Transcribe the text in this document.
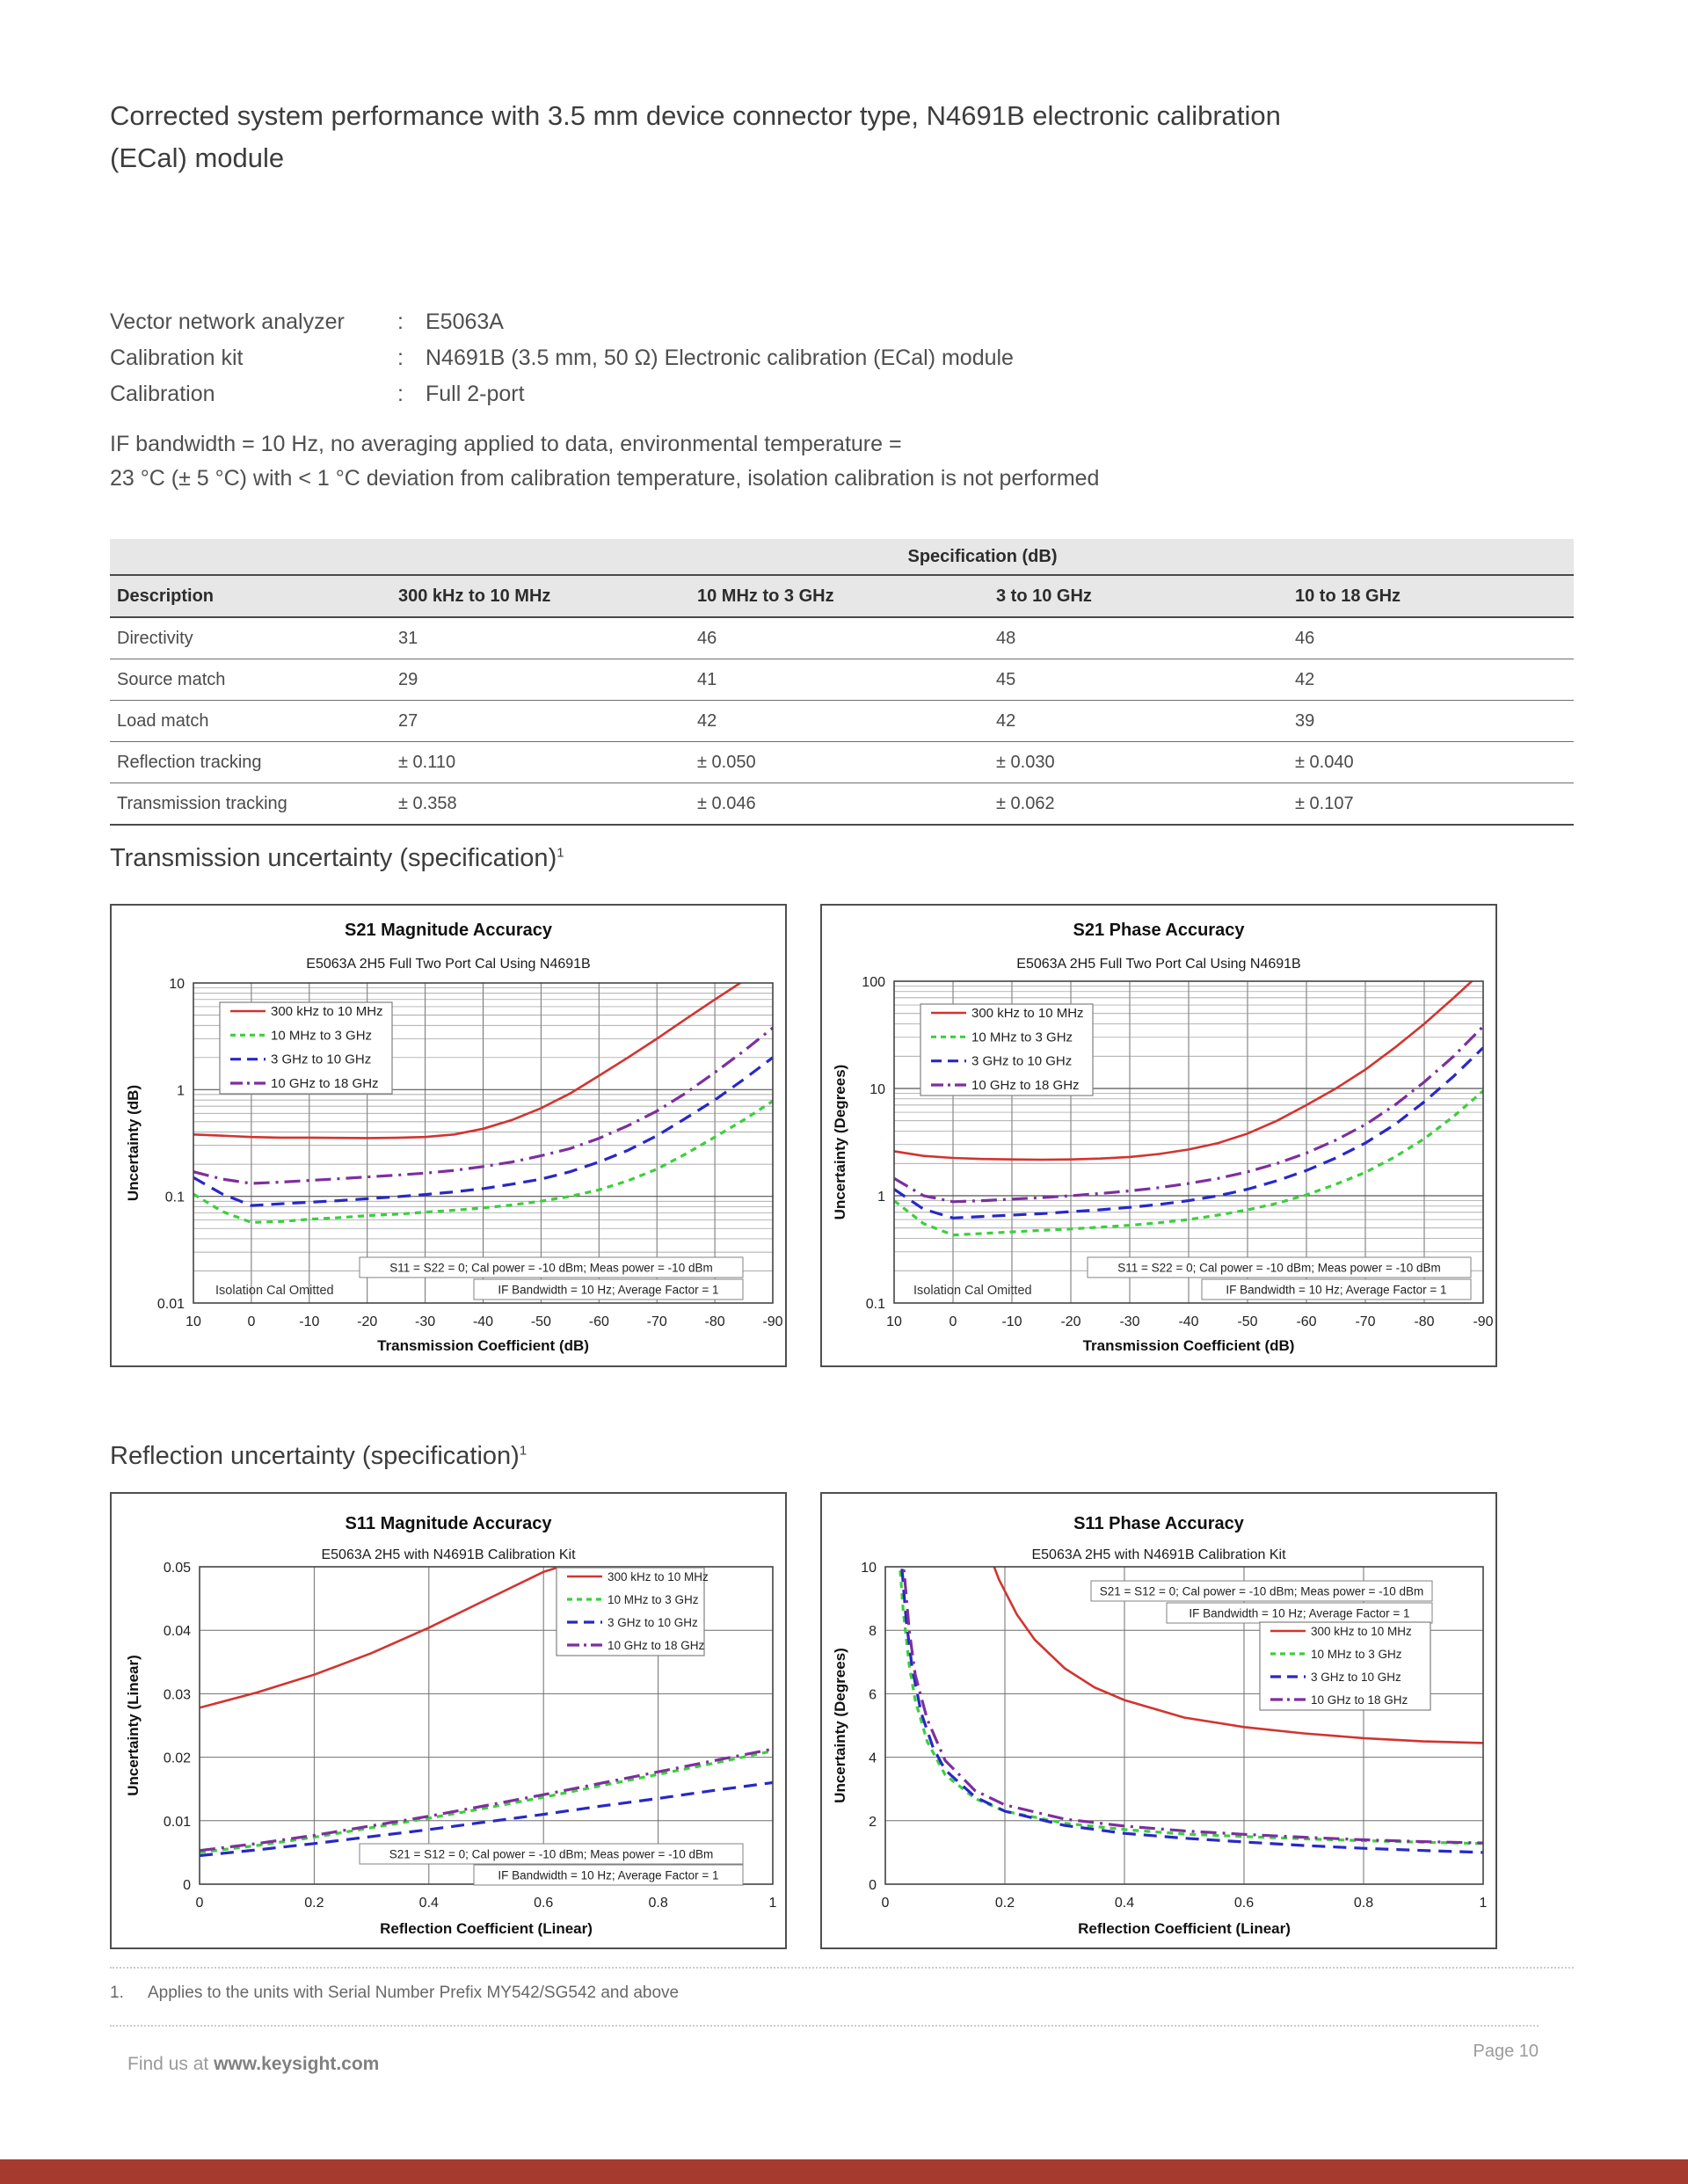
Corrected system performance with 3.5 mm device connector type, N4691B electronic calibration
(ECal) module
Vector network analyzer	:	E5063A
Calibration kit	:	N4691B (3.5 mm, 50 Ω) Electronic calibration (ECal) module
Calibration	:	Full 2-port
IF bandwidth = 10 Hz, no averaging applied to data, environmental temperature =
23 °C (± 5 °C) with < 1 °C deviation from calibration temperature, isolation calibration is not performed
Specification (dB)
Description	300 kHz to 10 MHz	10 MHz to 3 GHz	3 to 10 GHz	10 to 18 GHz
Directivity	31	46	48	46
Source match	29	41	45	42
Load match	27	42	42	39
Reflection tracking	± 0.110	± 0.050	± 0.030	± 0.040
Transmission tracking	± 0.358	± 0.046	± 0.062	± 0.107
Transmission uncertainty (specification)$^1$
10
1
0.1
0.01
10	0	-10	-20	-30	-40	-50	-60	-70	-80	-90
S21 Magnitude Accuracy
E5063A 2H5 Full Two Port Cal Using N4691B
Transmission Coefficient (dB)
Uncertainty (dB)
S11 = S22 = 0; Cal power = -10 dBm; Meas power = -10 dBm
IF Bandwidth = 10 Hz; Average Factor = 1
Isolation Cal Omitted
300 kHz to 10 MHz
10 MHz to 3 GHz
3 GHz to 10 GHz
10 GHz to 18 GHz
100
10
1
0.1
10	0	-10	-20	-30	-40	-50	-60	-70	-80	-90
S21 Phase Accuracy
E5063A 2H5 Full Two Port Cal Using N4691B
Transmission Coefficient (dB)
Uncertainty (Degrees)
S11 = S22 = 0; Cal power = -10 dBm; Meas power = -10 dBm
IF Bandwidth = 10 Hz; Average Factor = 1
Isolation Cal Omitted
300 kHz to 10 MHz
10 MHz to 3 GHz
3 GHz to 10 GHz
10 GHz to 18 GHz
Reflection uncertainty (specification)$^1$
0
0.01
0.02
0.03
0.04
0.05
0	0.2	0.4	0.6	0.8	1
S11 Magnitude Accuracy
E5063A 2H5 with N4691B Calibration Kit
Reflection Coefficient (Linear)
Uncertainty (Linear)
S21 = S12 = 0; Cal power = -10 dBm; Meas power = -10 dBm
IF Bandwidth = 10 Hz; Average Factor = 1
300 kHz to 10 MHz
10 MHz to 3 GHz
3 GHz to 10 GHz
10 GHz to 18 GHz
0
2
4
6
8
10
0	0.2	0.4	0.6	0.8	1
S11 Phase Accuracy
E5063A 2H5 with N4691B Calibration Kit
Reflection Coefficient (Linear)
Uncertainty (Degrees)
S21 = S12 = 0; Cal power = -10 dBm; Meas power = -10 dBm
IF Bandwidth = 10 Hz; Average Factor = 1
300 kHz to 10 MHz
10 MHz to 3 GHz
3 GHz to 10 GHz
10 GHz to 18 GHz
1.	Applies to the units with Serial Number Prefix MY542/SG542 and above
Find us at www.keysight.com
Page 10
